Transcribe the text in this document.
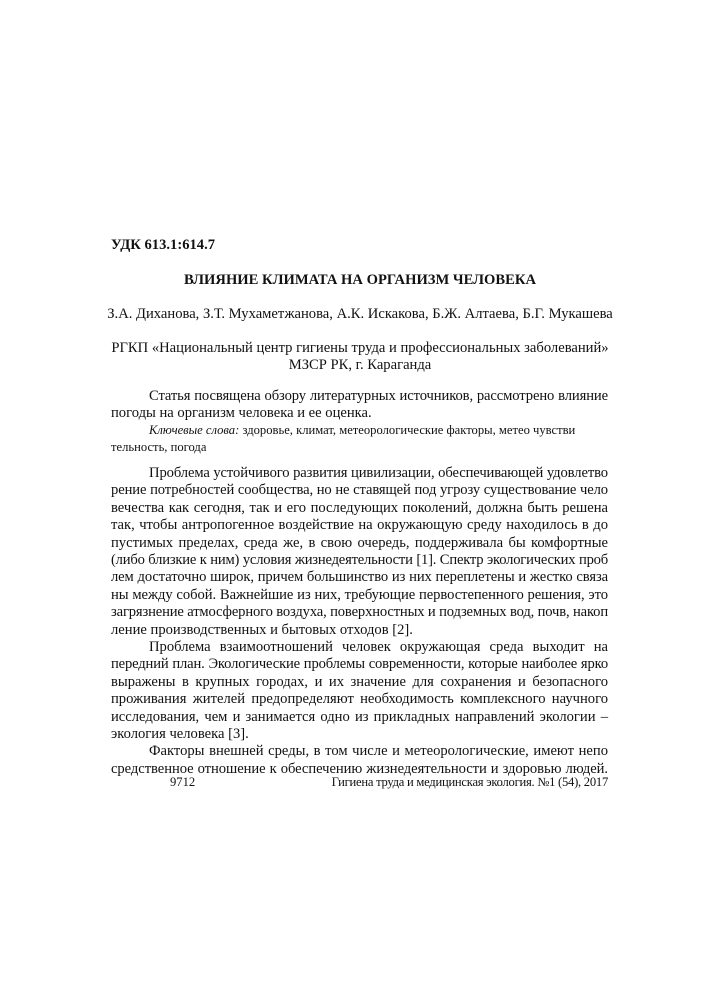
УДК 613.1:614.7
ВЛИЯНИЕ КЛИМАТА НА ОРГАНИЗМ ЧЕЛОВЕКА
З.А. Диханова, З.Т. Мухаметжанова, А.К. Искакова, Б.Ж. Алтаева, Б.Г. Мукашева
РГКП «Национальный центр гигиены труда и профессиональных заболеваний»
МЗСР РК, г. Караганда
Статья посвящена обзору литературных источников, рассмотрено влияние
погоды на организм человека и ее оценка.
Ключевые слова: здоровье, климат, метеорологические факторы, метео чувстви
тельность, погода
Проблема устойчивого развития цивилизации, обеспечивающей удовлетво
рение потребностей сообщества, но не ставящей под угрозу существование чело
вечества как сегодня, так и его последующих поколений, должна быть решена
так, чтобы антропогенное воздействие на окружающую среду находилось в до
пустимых пределах, среда же, в свою очередь, поддерживала бы комфортные
(либо близкие к ним) условия жизнедеятельности [1]. Спектр экологических проб
лем достаточно широк, причем большинство из них переплетены и жестко связа
ны между собой. Важнейшие из них, требующие первостепенного решения, это
загрязнение атмосферного воздуха, поверхностных и подземных вод, почв, накоп
ление производственных и бытовых отходов [2].
Проблема взаимоотношений человек окружающая среда выходит на
передний план. Экологические проблемы современности, которые наиболее ярко
выражены в крупных городах, и их значение для сохранения и безопасного
проживания жителей предопределяют необходимость комплексного научного
исследования, чем и занимается одно из прикладных направлений экологии –
экология человека [3].
Факторы внешней среды, в том числе и метеорологические, имеют непо
средственное отношение к обеспечению жизнедеятельности и здоровью людей.
9712	Гигиена труда и медицинская экология. №1 (54), 2017
